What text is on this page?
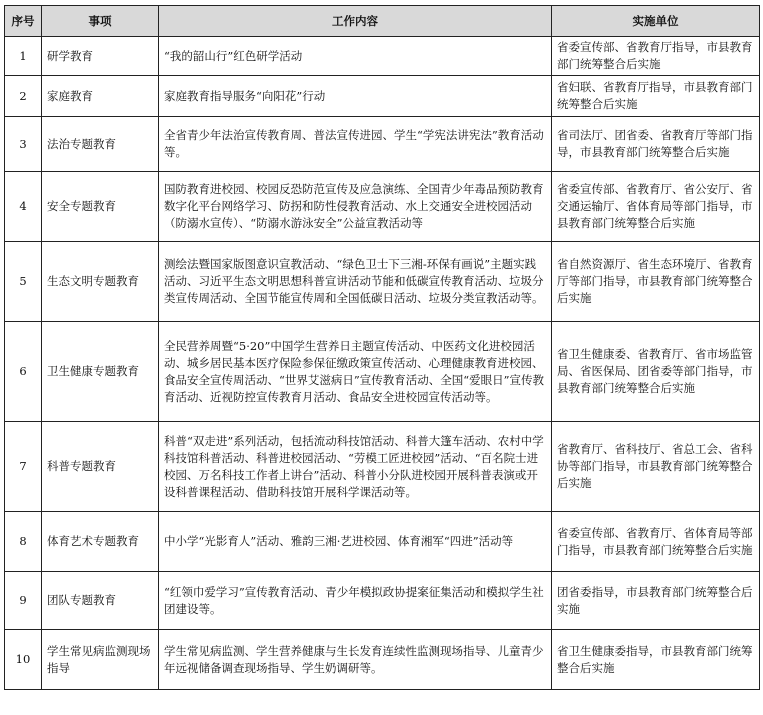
序号	事项	工作内容	实施单位
1	研学教育	“我的韶山行”红色研学活动	省委宣传部、省教育厅指导，市县教育部门统筹整合后实施
2	家庭教育	家庭教育指导服务“向阳花”行动	省妇联、省教育厅指导，市县教育部门统筹整合后实施
3	法治专题教育	全省青少年法治宣传教育周、普法宣传进园、学生“学宪法讲宪法”教育活动等。	省司法厅、团省委、省教育厅等部门指导，市县教育部门统筹整合后实施
4	安全专题教育	国防教育进校园、校园反恐防范宣传及应急演练、全国青少年毒品预防教育数字化平台网络学习、防拐和防性侵教育活动、水上交通安全进校园活动（防溺水宣传）、“防溺水游泳安全”公益宣教活动等	省委宣传部、省教育厅、省公安厅、省交通运输厅、省体育局等部门指导，市县教育部门统筹整合后实施
5	生态文明专题教育	测绘法暨国家版图意识宣教活动、“绿色卫士下三湘-环保有画说”主题实践活动、习近平生态文明思想科普宣讲活动节能和低碳宣传教育活动、垃圾分类宣传周活动、全国节能宣传周和全国低碳日活动、垃圾分类宣教活动等。	省自然资源厅、省生态环境厅、省教育厅等部门指导，市县教育部门统筹整合后实施
6	卫生健康专题教育	全民营养周暨“5·20”中国学生营养日主题宣传活动、中医药文化进校园活动、城乡居民基本医疗保险参保征缴政策宣传活动、心理健康教育进校园、食品安全宣传周活动、“世界艾滋病日”宣传教育活动、全国“爱眼日”宣传教育活动、近视防控宣传教育月活动、食品安全进校园宣传活动等。	省卫生健康委、省教育厅、省市场监管局、省医保局、团省委等部门指导，市县教育部门统筹整合后实施
7	科普专题教育	科普“双走进”系列活动，包括流动科技馆活动、科普大篷车活动、农村中学科技馆科普活动、科普进校园活动、“劳模工匠进校园”活动、“百名院士进校园、万名科技工作者上讲台”活动、科普小分队进校园开展科普表演或开设科普课程活动、借助科技馆开展科学课活动等。	省教育厅、省科技厅、省总工会、省科协等部门指导，市县教育部门统筹整合后实施
8	体育艺术专题教育	中小学“光影育人”活动、雅韵三湘·艺进校园、体育湘军“四进”活动等	省委宣传部、省教育厅、省体育局等部门指导，市县教育部门统筹整合后实施
9	团队专题教育	“红领巾爱学习”宣传教育活动、青少年模拟政协提案征集活动和模拟学生社团建设等。	团省委指导，市县教育部门统筹整合后实施
10	学生常见病监测现场指导	学生常见病监测、学生营养健康与生长发育连续性监测现场指导、儿童青少年远视储备调查现场指导、学生奶调研等。	省卫生健康委指导，市县教育部门统筹整合后实施
